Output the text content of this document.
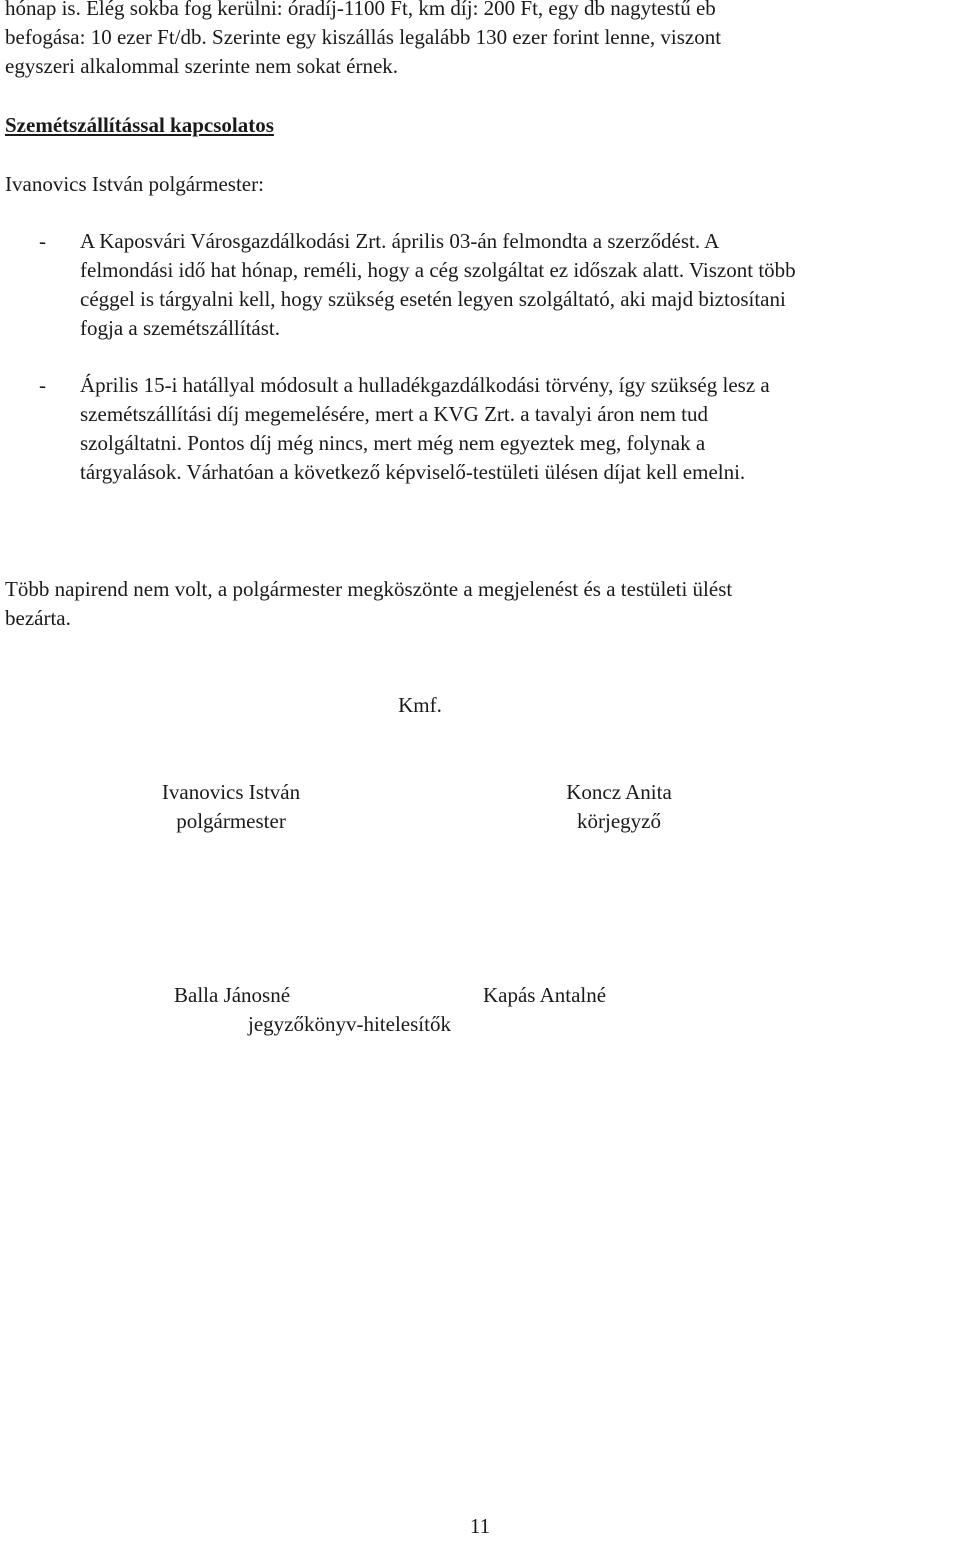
hónap is. Elég sokba fog kerülni: óradíj-1100 Ft, km díj: 200 Ft, egy db nagytestű eb
befogása: 10 ezer Ft/db. Szerinte egy kiszállás legalább 130 ezer forint lenne, viszont
egyszeri alkalommal szerinte nem sokat érnek.
Szemétszállítással kapcsolatos
Ivanovics István polgármester:
- A Kaposvári Városgazdálkodási Zrt. április 03-án felmondta a szerződést. A
felmondási idő hat hónap, reméli, hogy a cég szolgáltat ez időszak alatt. Viszont több
céggel is tárgyalni kell, hogy szükség esetén legyen szolgáltató, aki majd biztosítani
fogja a szemétszállítást.
- Április 15-i hatállyal módosult a hulladékgazdálkodási törvény, így szükség lesz a
szemétszállítási díj megemelésére, mert a KVG Zrt. a tavalyi áron nem tud
szolgáltatni. Pontos díj még nincs, mert még nem egyeztek meg, folynak a
tárgyalások. Várhatóan a következő képviselő-testületi ülésen díjat kell emelni.
Több napirend nem volt, a polgármester megköszönte a megjelenést és a testületi ülést
bezárta.
Kmf.
Ivanovics István
polgármester
Koncz Anita
körjegyző
Balla Jánosné	Kapás Antalné
jegyzőkönyv-hitelesítők
11
